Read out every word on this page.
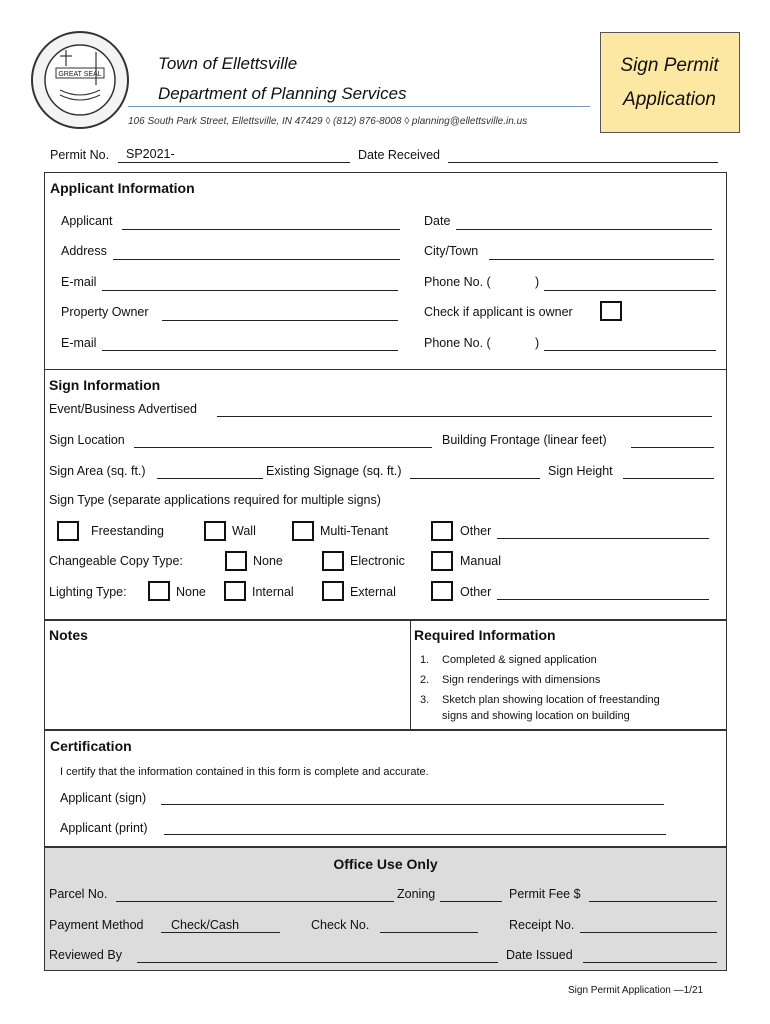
GREAT SEAL
Town of Ellettsville
Department of Planning Services
106 South Park Street, Ellettsville, IN 47429 ◊ (812) 876-8008 ◊ planning@ellettsville.in.us
Sign Permit
Application
Permit No. SP2021-	Date Received
Applicant Information
Applicant	Date
Address	City/Town
E-mail	Phone No. (	)
Property Owner	Check if applicant is owner
E-mail	Phone No. (	)
Sign Information
Event/Business Advertised
Sign Location	Building Frontage (linear feet)
Sign Area (sq. ft.)	Existing Signage (sq. ft.)	Sign Height
Sign Type (separate applications required for multiple signs)
Freestanding	Wall	Multi-Tenant	Other
Changeable Copy Type:	None	Electronic	Manual
Lighting Type:	None	Internal	External	Other
Notes	Required Information
1. Completed & signed application
2. Sign renderings with dimensions
3. Sketch plan showing location of freestanding
signs and showing location on building
Certification
I certify that the information contained in this form is complete and accurate.
Applicant (sign)
Applicant (print)
Office Use Only
Parcel No.	Zoning	Permit Fee $
Payment Method Check/Cash	Check No.	Receipt No.
Reviewed By	Date Issued
Sign Permit Application —1/21
